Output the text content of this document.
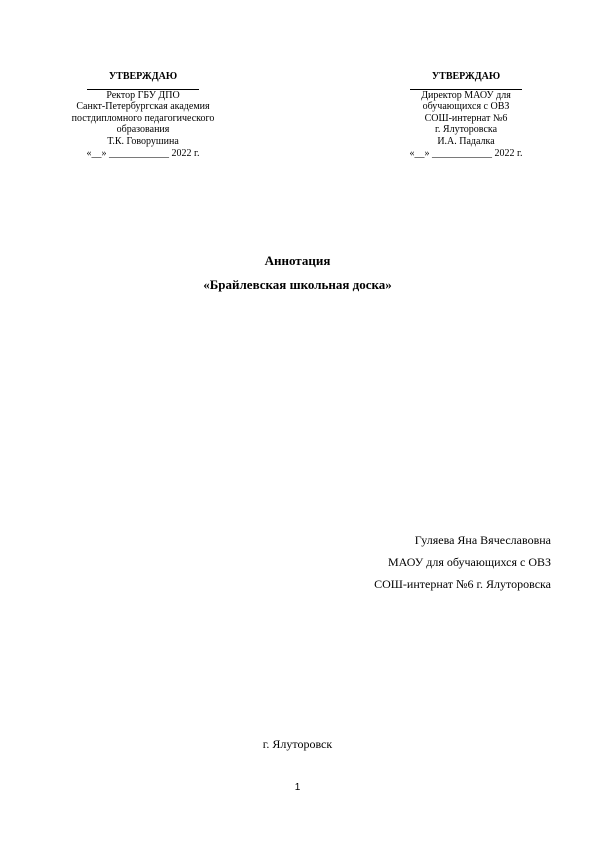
УТВЕРЖДАЮ
Ректор ГБУ ДПО
Санкт-Петербургская академия
постдипломного педагогического
образования
Т.К. Говорушина
«__» ____________ 2022 г.
УТВЕРЖДАЮ
Директор МАОУ для
обучающихся с ОВЗ
СОШ-интернат №6
г. Ялуторовска
И.А. Падалка
«__» ____________ 2022 г.
Аннотация
«Брайлевская школьная доска»
Гуляева Яна Вячеславовна
МАОУ для обучающихся с ОВЗ
СОШ-интернат №6 г. Ялуторовска
г. Ялуторовск
1
